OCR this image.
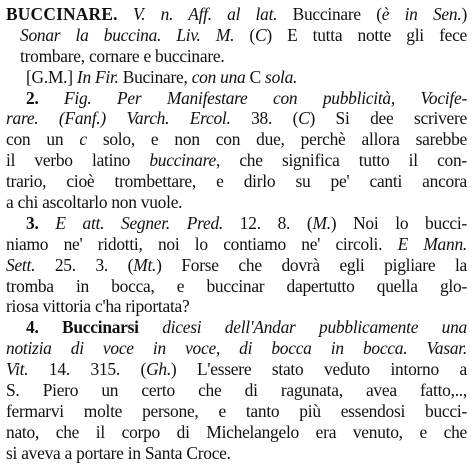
BUCCINARE. V. n. Aff. al lat. Buccinare (è in Sen.)
Sonar la buccina. Liv. M. (C) E tutta notte gli fece
trombare, cornare e buccinare.
[G.M.] In Fir. Bucinare, con una C sola.
2. Fig. Per Manifestare con pubblicità, Vocife-
rare. (Fanf.) Varch. Ercol. 38. (C) Si dee scrivere
con un c solo, e non con due, perchè allora sarebbe
il verbo latino buccinare, che significa tutto il con-
trario, cioè trombettare, e dirlo su pe' canti ancora
a chi ascoltarlo non vuole.
3. E att. Segner. Pred. 12. 8. (M.) Noi lo bucci-
niamo ne' ridotti, noi lo contiamo ne' circoli. E Mann.
Sett. 25. 3. (Mt.) Forse che dovrà egli pigliare la
tromba in bocca, e buccinar dapertutto quella glo-
riosa vittoria c'ha riportata?
4. Buccinarsi dicesi dell'Andar pubblicamente una
notizia di voce in voce, di bocca in bocca. Vasar.
Vit. 14. 315. (Gh.) L'essere stato veduto intorno a
S. Piero un certo che di ragunata, avea fatto,..,
fermarvi molte persone, e tanto più essendosi bucci-
nato, che il corpo di Michelangelo era venuto, e che
si aveva a portare in Santa Croce.
